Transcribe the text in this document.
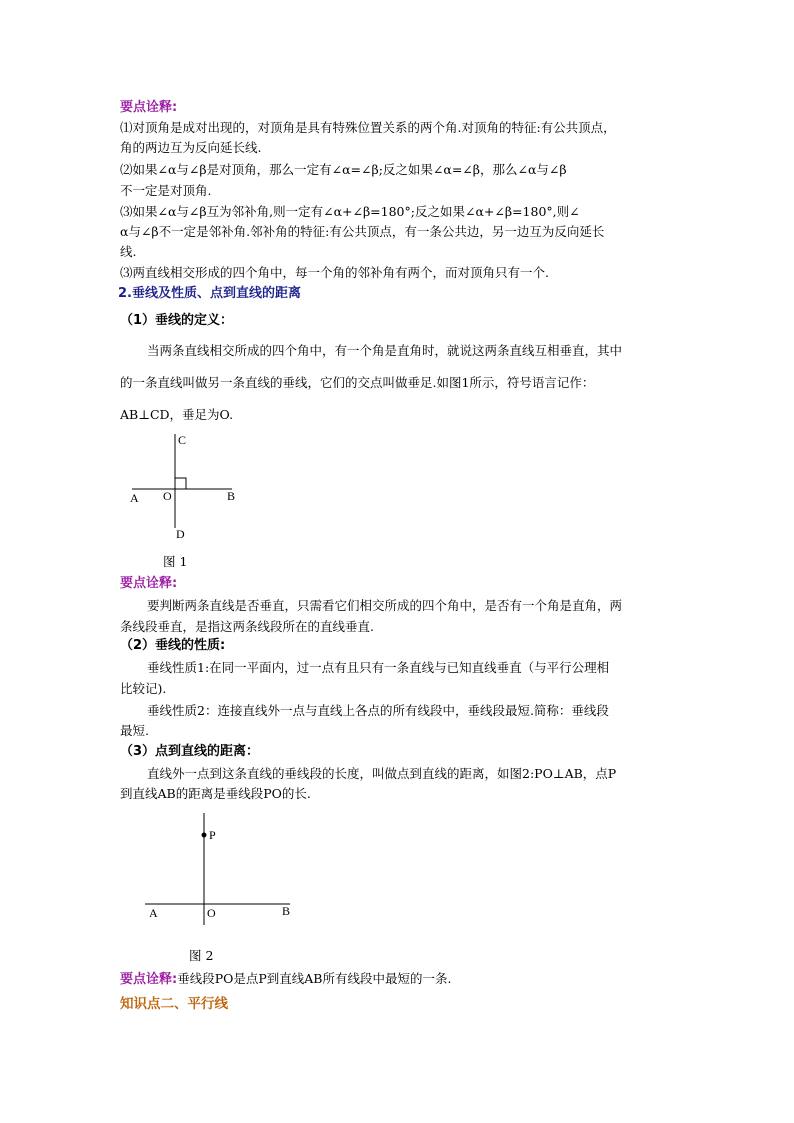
要点诠释:
⑴对顶角是成对出现的，对顶角是具有特殊位置关系的两个角.对顶角的特征:有公共顶点，
角的两边互为反向延长线.
⑵如果∠α与∠β是对顶角，那么一定有∠α=∠β;反之如果∠α=∠β，那么∠α与∠β
不一定是对顶角.
⑶如果∠α与∠β互为邻补角,则一定有∠α+∠β=180°;反之如果∠α+∠β=180°,则∠
α与∠β不一定是邻补角.邻补角的特征:有公共顶点，有一条公共边，另一边互为反向延长
线.
⑶两直线相交形成的四个角中，每一个角的邻补角有两个，而对顶角只有一个.
2.垂线及性质、点到直线的距离
（1）垂线的定义：
当两条直线相交所成的四个角中，有一个角是直角时，就说这两条直线互相垂直，其中
的一条直线叫做另一条直线的垂线，它们的交点叫做垂足.如图1所示，符号语言记作：
AB⊥CD，垂足为O.
A	B
C
D
O
图 1
要点诠释:
要判断两条直线是否垂直，只需看它们相交所成的四个角中，是否有一个角是直角，两
条线段垂直，是指这两条线段所在的直线垂直.
（2）垂线的性质:
垂线性质1:在同一平面内，过一点有且只有一条直线与已知直线垂直（与平行公理相
比较记).
垂线性质2：连接直线外一点与直线上各点的所有线段中，垂线段最短.简称：垂线段
最短.
（3）点到直线的距离：
直线外一点到这条直线的垂线段的长度，叫做点到直线的距离，如图2:PO⊥AB，点P
到直线AB的距离是垂线段PO的长.
A	B
O
P
图 2
要点诠释:垂线段PO是点P到直线AB所有线段中最短的一条.
知识点二、平行线
